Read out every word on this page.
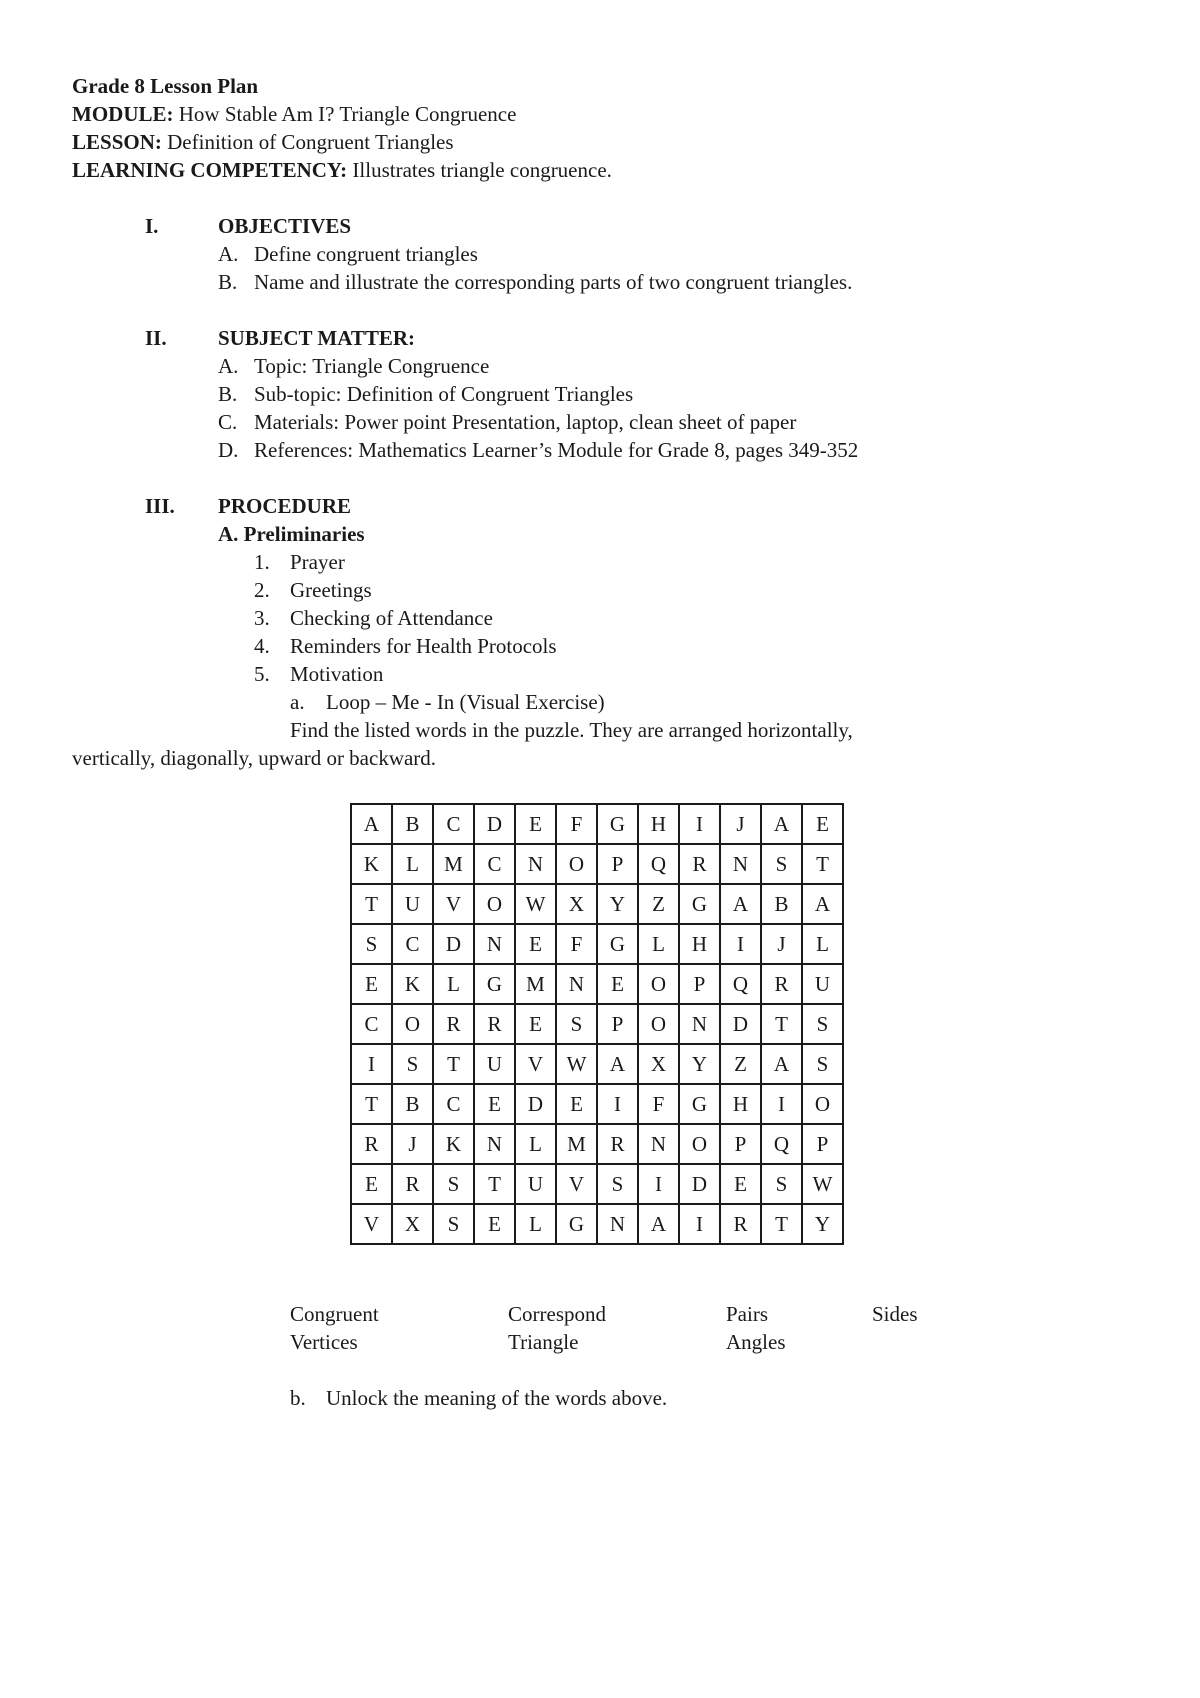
Grade 8 Lesson Plan
MODULE: How Stable Am I? Triangle Congruence
LESSON: Definition of Congruent Triangles
LEARNING COMPETENCY: Illustrates triangle congruence.
I.	OBJECTIVES
A. Define congruent triangles
B. Name and illustrate the corresponding parts of two congruent triangles.
II. SUBJECT MATTER:
A. Topic: Triangle Congruence
B. Sub-topic: Definition of Congruent Triangles
C. Materials: Power point Presentation, laptop, clean sheet of paper
D. References: Mathematics Learner’s Module for Grade 8, pages 349-352
III. PROCEDURE
A. Preliminaries
1. Prayer
2. Greetings
3. Checking of Attendance
4. Reminders for Health Protocols
5. Motivation
a. Loop – Me - In (Visual Exercise)
Find the listed words in the puzzle. They are arranged horizontally,
vertically, diagonally, upward or backward.
A	B	C	D	E	F	G	H	I	J	A	E
K	L	M	C	N	O	P	Q	R	N	S	T
T	U	V	O	W	X	Y	Z	G	A	B	A
S	C	D	N	E	F	G	L	H	I	J	L
E	K	L	G	M	N	E	O	P	Q	R	U
C	O	R	R	E	S	P	O	N	D	T	S
I	S	T	U	V	W	A	X	Y	Z	A	S
T	B	C	E	D	E	I	F	G	H	I	O
R	J	K	N	L	M	R	N	O	P	Q	P
E	R	S	T	U	V	S	I	D	E	S	W
V	X	S	E	L	G	N	A	I	R	T	Y
Congruent	Correspond	Pairs	Sides
Vertices	Triangle	Angles
b. Unlock the meaning of the words above.
